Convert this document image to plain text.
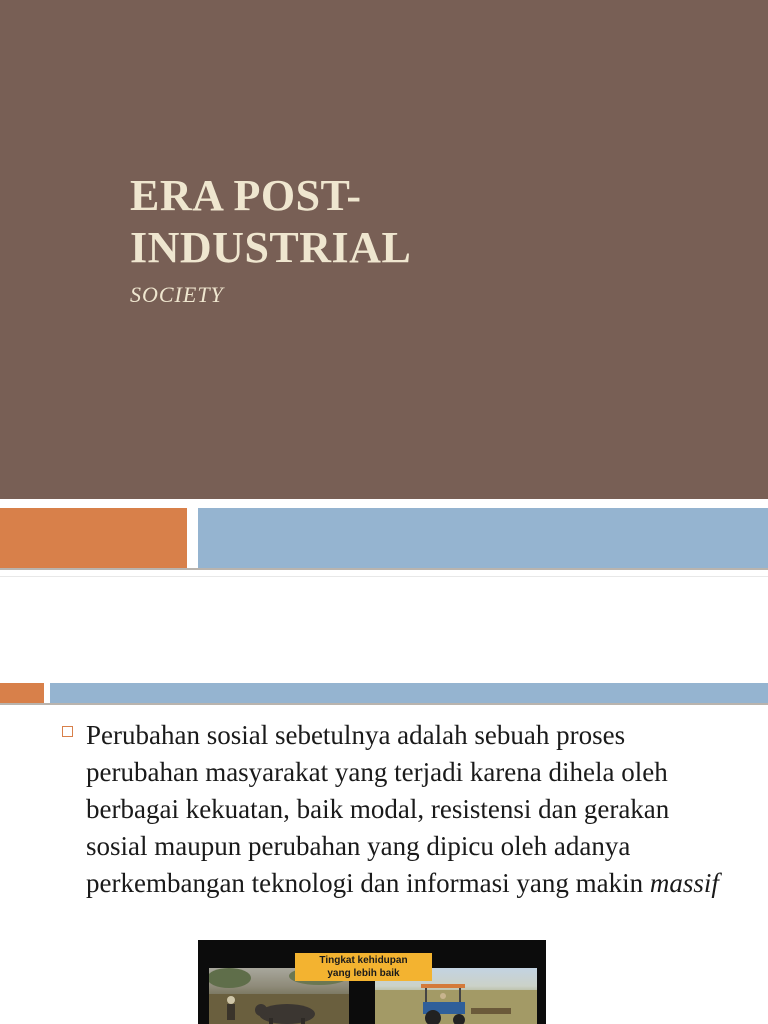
ERA POST-
INDUSTRIAL

SOCIETY

Perubahan sosial sebetulnya adalah sebuah proses perubahan masyarakat yang terjadi karena dihela oleh berbagai kekuatan, baik modal, resistensi dan gerakan sosial maupun perubahan yang dipicu oleh adanya perkembangan teknologi dan informasi yang makin massif

Tingkat kehidupan
yang lebih baik
